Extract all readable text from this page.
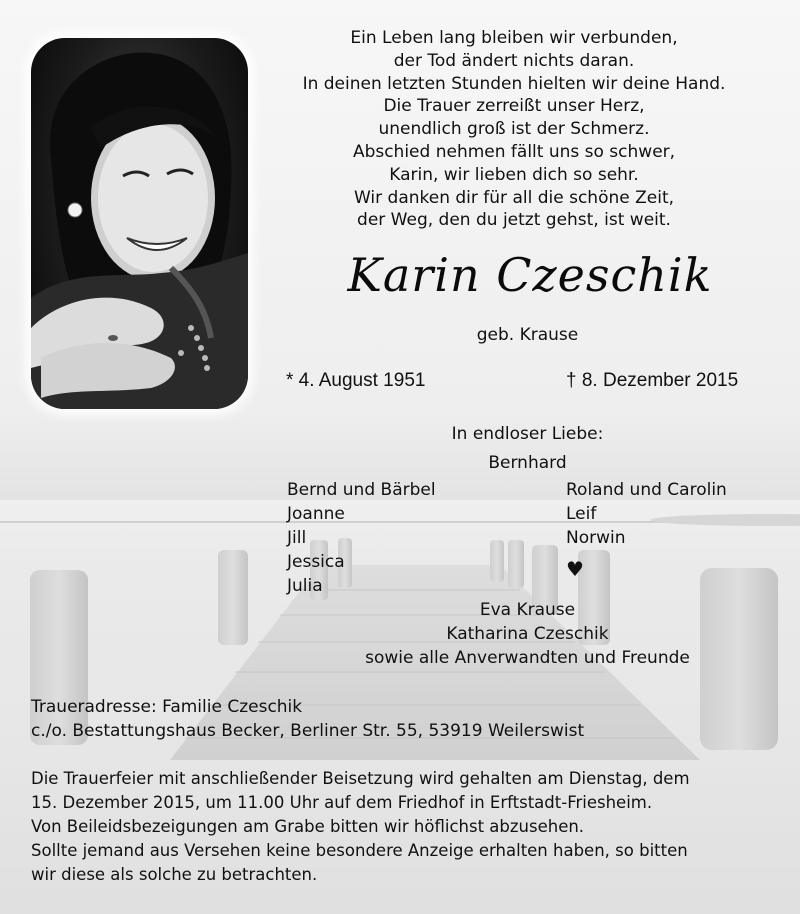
Ein Leben lang bleiben wir verbunden,
der Tod ändert nichts daran.
In deinen letzten Stunden hielten wir deine Hand.
Die Trauer zerreißt unser Herz,
unendlich groß ist der Schmerz.
Abschied nehmen fällt uns so schwer,
Karin, wir lieben dich so sehr.
Wir danken dir für all die schöne Zeit,
der Weg, den du jetzt gehst, ist weit.
Karin Czeschik
geb. Krause
* 4. August 1951	† 8. Dezember 2015
In endloser Liebe:
Bernhard
Bernd und Bärbel
Joanne
Jill
Jessica
Julia
Roland und Carolin
Leif
Norwin
♥
Eva Krause
Katharina Czeschik
sowie alle Anverwandten und Freunde
Traueradresse: Familie Czeschik
c./o. Bestattungshaus Becker, Berliner Str. 55, 53919 Weilerswist
Die Trauerfeier mit anschließender Beisetzung wird gehalten am Dienstag, dem
15. Dezember 2015, um 11.00 Uhr auf dem Friedhof in Erftstadt-Friesheim.
Von Beileidsbezeigungen am Grabe bitten wir höflichst abzusehen.
Sollte jemand aus Versehen keine besondere Anzeige erhalten haben, so bitten
wir diese als solche zu betrachten.
